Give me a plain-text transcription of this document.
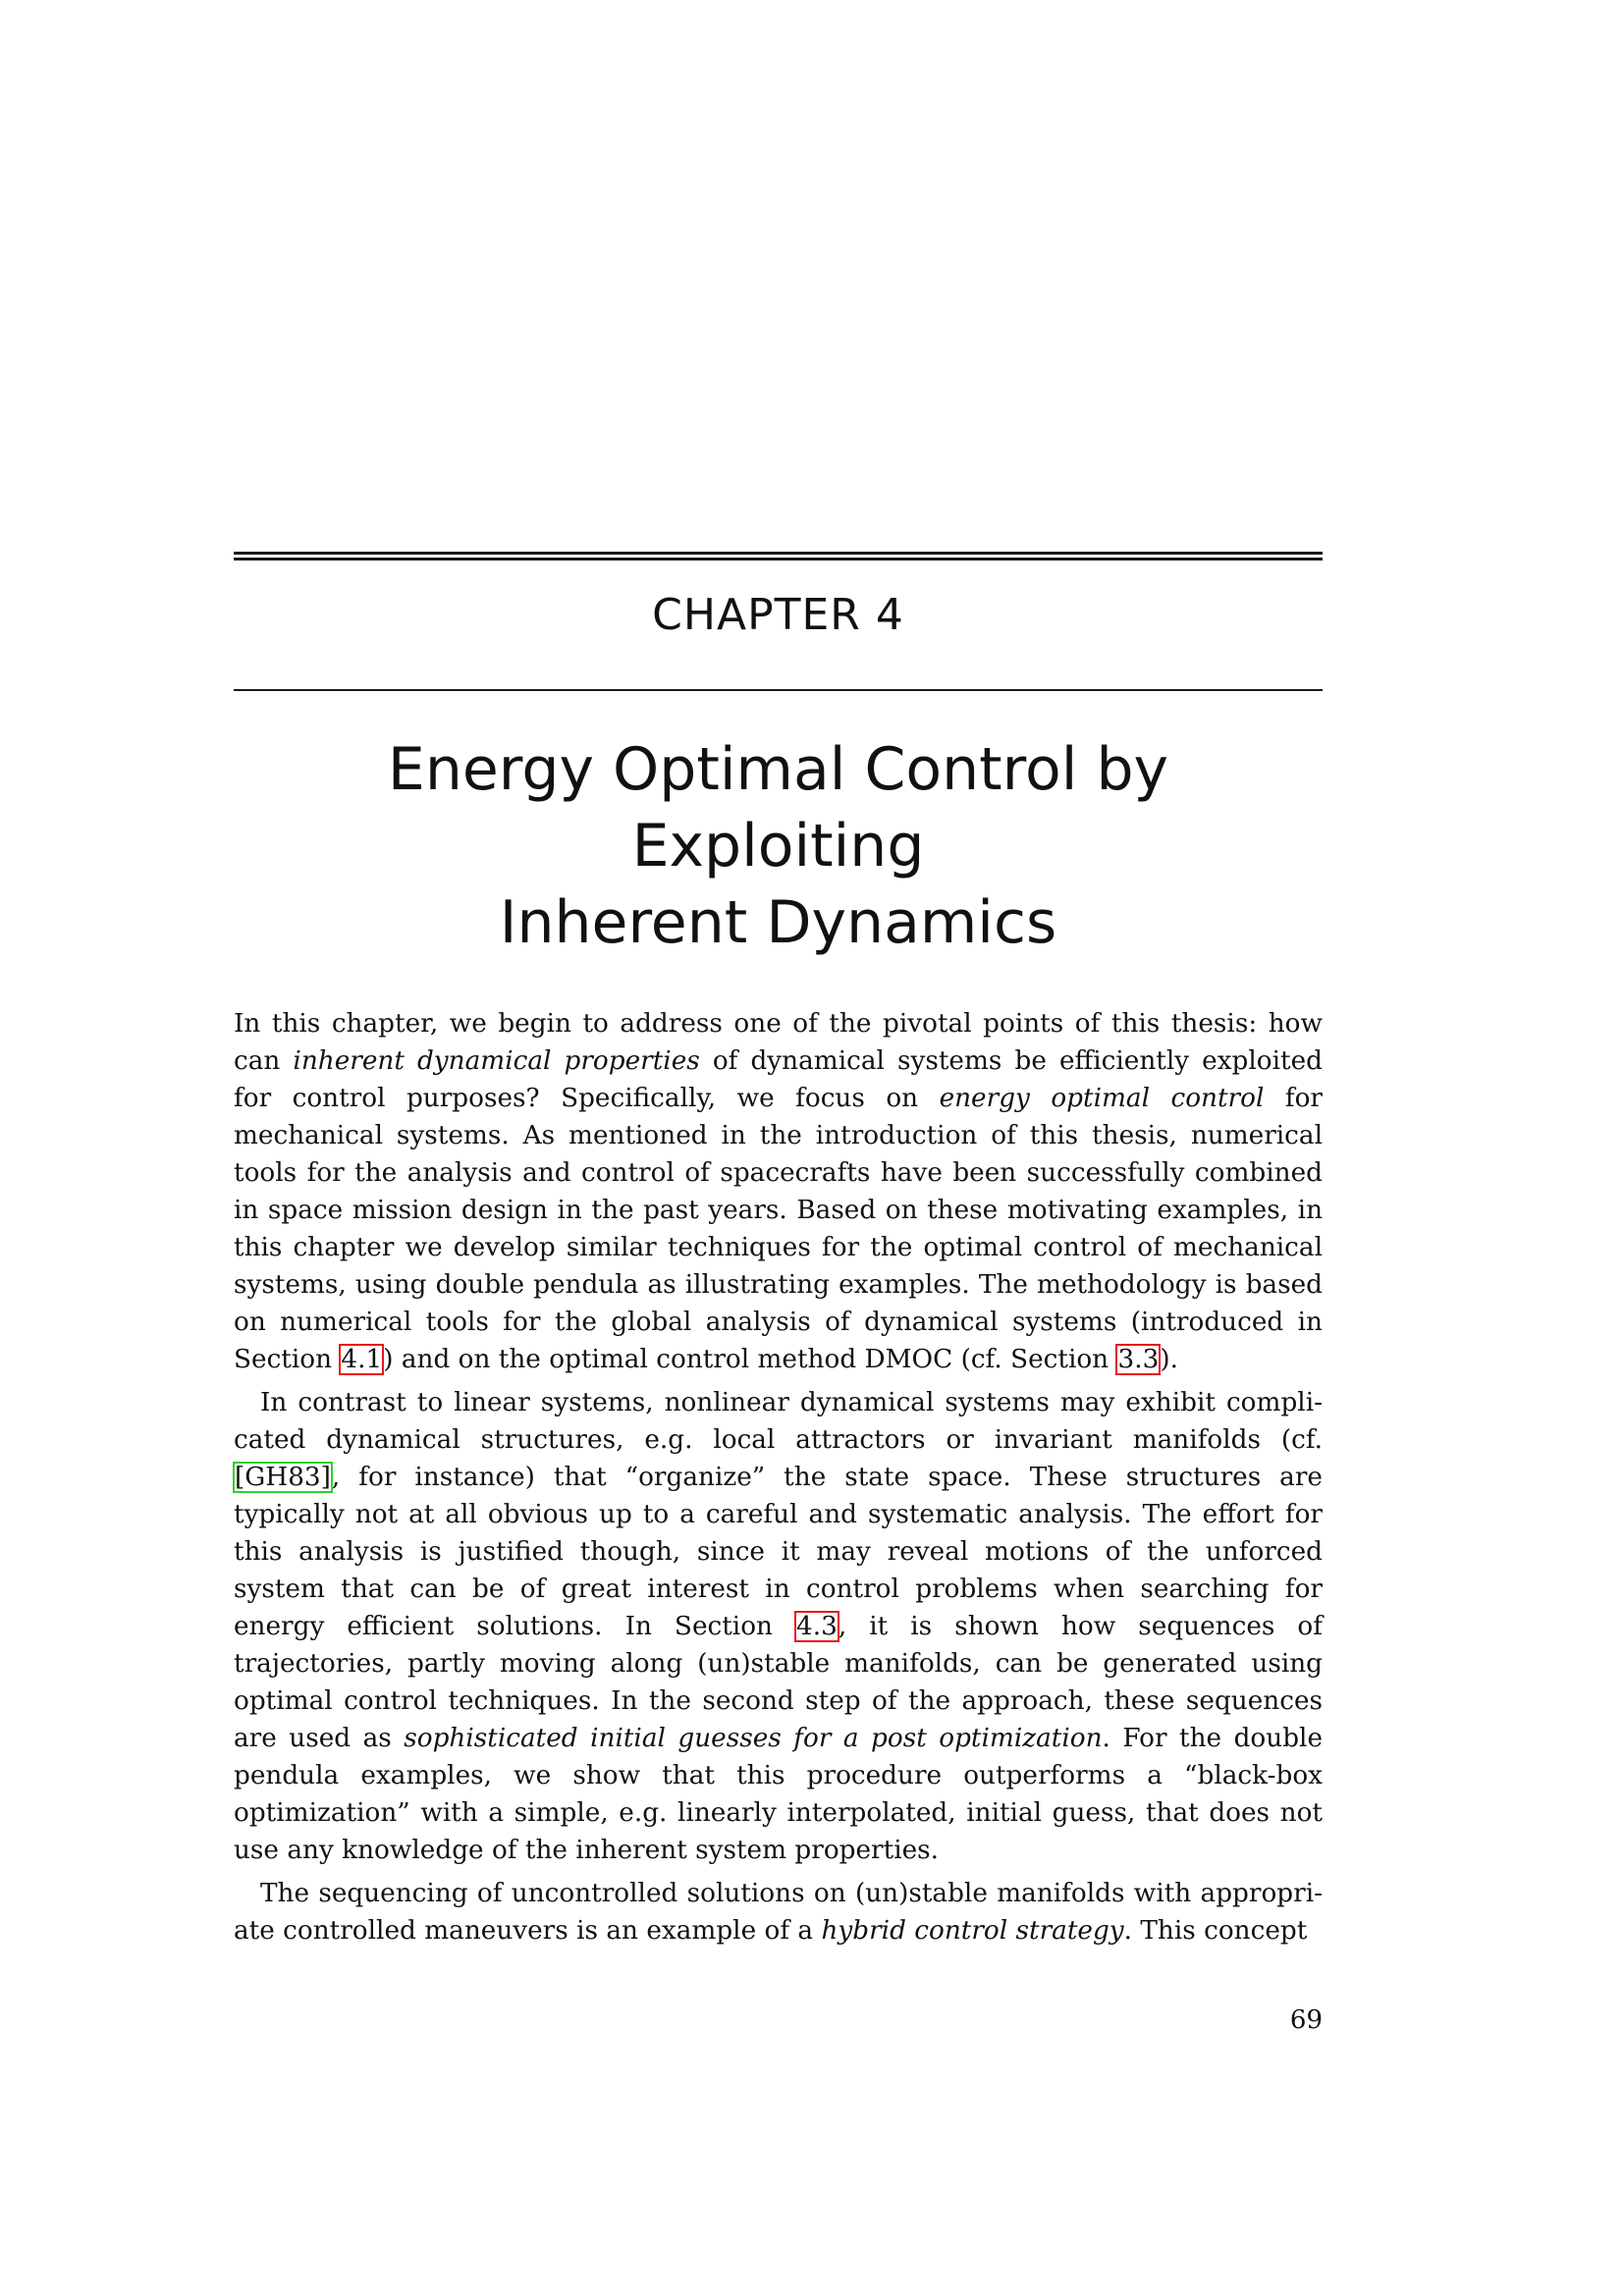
CHAPTER 4
Energy Optimal Control by Exploiting
Inherent Dynamics

In this chapter, we begin to address one of the pivotal points of this thesis: how can inherent dynamical properties of dynamical systems be efficiently exploited for control purposes? Specifically, we focus on energy optimal control for mechanical systems. As mentioned in the introduction of this thesis, numerical tools for the analysis and control of spacecrafts have been successfully combined in space mission design in the past years. Based on these motivating examples, in this chapter we develop similar techniques for the optimal control of mechanical systems, using double pendula as illustrating examples. The methodology is based on numerical tools for the global analysis of dynamical systems (introduced in Section 4.1) and on the optimal control method DMOC (cf. Section 3.3).

In contrast to linear systems, nonlinear dynamical systems may exhibit complicated dynamical structures, e.g. local attractors or invariant manifolds (cf. [GH83], for instance) that “organize” the state space. These structures are typically not at all obvious up to a careful and systematic analysis. The effort for this analysis is justified though, since it may reveal motions of the unforced system that can be of great interest in control problems when searching for energy efficient solutions. In Section 4.3, it is shown how sequences of trajectories, partly moving along (un)stable manifolds, can be generated using optimal control techniques. In the second step of the approach, these sequences are used as sophisticated initial guesses for a post optimization. For the double pendula examples, we show that this procedure outperforms a “black-box optimization” with a simple, e.g. linearly interpolated, initial guess, that does not use any knowledge of the inherent system properties.

The sequencing of uncontrolled solutions on (un)stable manifolds with appropriate controlled maneuvers is an example of a hybrid control strategy. This concept

69
